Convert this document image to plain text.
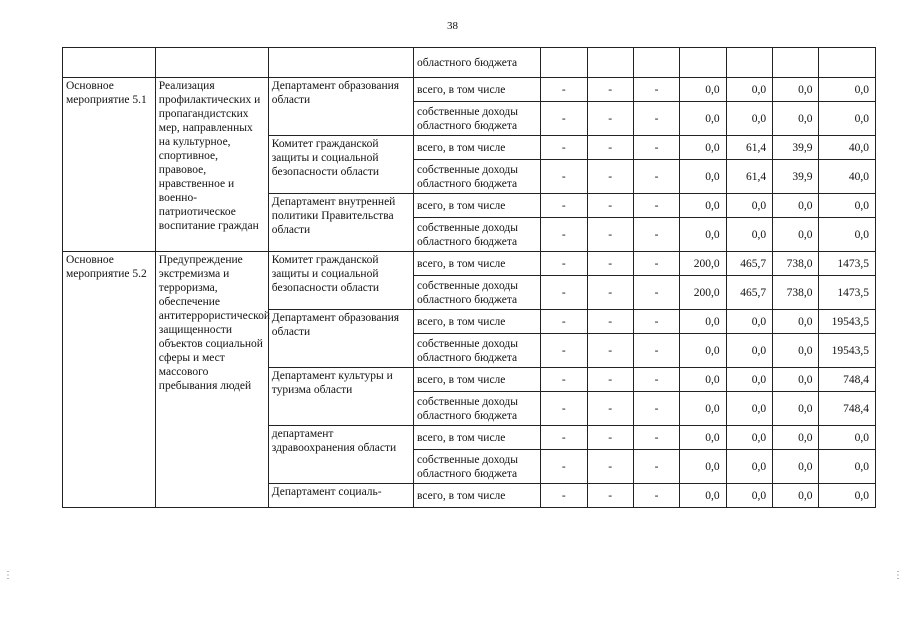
38
			областного бюджета							
Основное мероприятие 5.1	Реализация профилактических и пропагандистских мер, направленных на культурное, спортивное, правовое, нравственное и военно-патриотическое воспитание граждан	Департамент образования области	всего, в том числе	-	-	-	0,0	0,0	0,0	0,0
			собственные доходы областного бюджета	-	-	-	0,0	0,0	0,0	0,0
		Комитет гражданской защиты и социальной безопасности области	всего, в том числе	-	-	-	0,0	61,4	39,9	40,0
			собственные доходы областного бюджета	-	-	-	0,0	61,4	39,9	40,0
		Департамент внутренней политики Правительства области	всего, в том числе	-	-	-	0,0	0,0	0,0	0,0
			собственные доходы областного бюджета	-	-	-	0,0	0,0	0,0	0,0
Основное мероприятие 5.2	Предупреждение экстремизма и терроризма, обеспечение антитеррористической защищенности объектов социальной сферы и мест массового пребывания людей	Комитет гражданской защиты и социальной безопасности области	всего, в том числе	-	-	-	200,0	465,7	738,0	1473,5
			собственные доходы областного бюджета	-	-	-	200,0	465,7	738,0	1473,5
		Департамент образования области	всего, в том числе	-	-	-	0,0	0,0	0,0	19543,5
			собственные доходы областного бюджета	-	-	-	0,0	0,0	0,0	19543,5
		Департамент культуры и туризма области	всего, в том числе	-	-	-	0,0	0,0	0,0	748,4
			собственные доходы областного бюджета	-	-	-	0,0	0,0	0,0	748,4
		департамент здравоохранения области	всего, в том числе	-	-	-	0,0	0,0	0,0	0,0
			собственные доходы областного бюджета	-	-	-	0,0	0,0	0,0	0,0
		Департамент социаль-	всего, в том числе	-	-	-	0,0	0,0	0,0	0,0
⋮	⋮
